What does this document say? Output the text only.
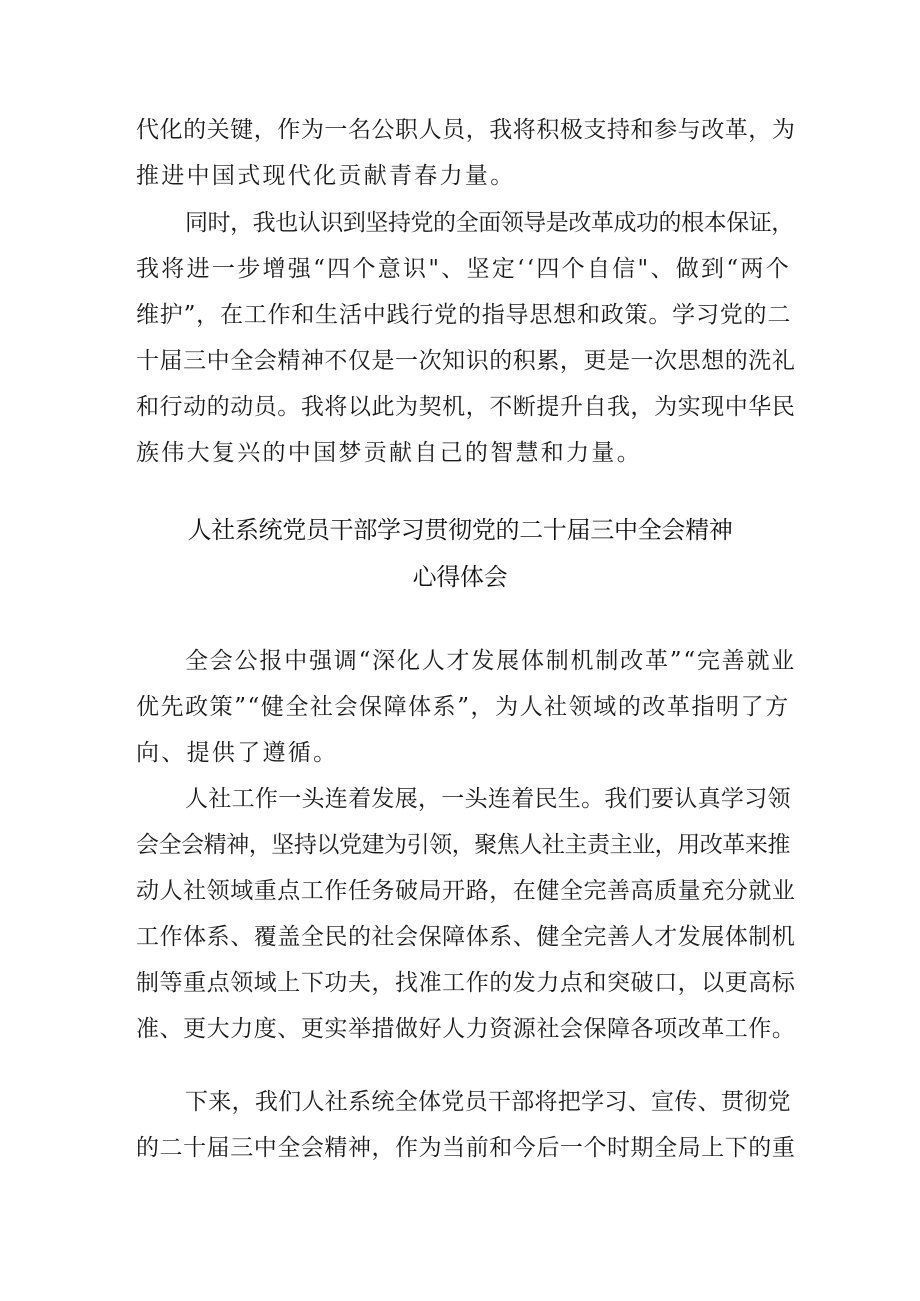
代化的关键，作为一名公职人员，我将积极支持和参与改革，为
推进中国式现代化贡献青春力量。
同时，我也认识到坚持党的全面领导是改革成功的根本保证，
我将进一步增强“四个意识"、坚定‘‘四个自信"、做到“两个
维护”，在工作和生活中践行党的指导思想和政策。学习党的二
十届三中全会精神不仅是一次知识的积累，更是一次思想的洗礼
和行动的动员。我将以此为契机，不断提升自我，为实现中华民
族伟大复兴的中国梦贡献自己的智慧和力量。
人社系统党员干部学习贯彻党的二十届三中全会精神
心得体会
全会公报中强调“深化人才发展体制机制改革”“完善就业
优先政策”“健全社会保障体系”，为人社领域的改革指明了方
向、提供了遵循。
人社工作一头连着发展，一头连着民生。我们要认真学习领
会全会精神，坚持以党建为引领，聚焦人社主责主业，用改革来推
动人社领域重点工作任务破局开路，在健全完善高质量充分就业
工作体系、覆盖全民的社会保障体系、健全完善人才发展体制机
制等重点领域上下功夫，找准工作的发力点和突破口，以更高标
准、更大力度、更实举措做好人力资源社会保障各项改革工作。
下来，我们人社系统全体党员干部将把学习、宣传、贯彻党
的二十届三中全会精神，作为当前和今后一个时期全局上下的重
